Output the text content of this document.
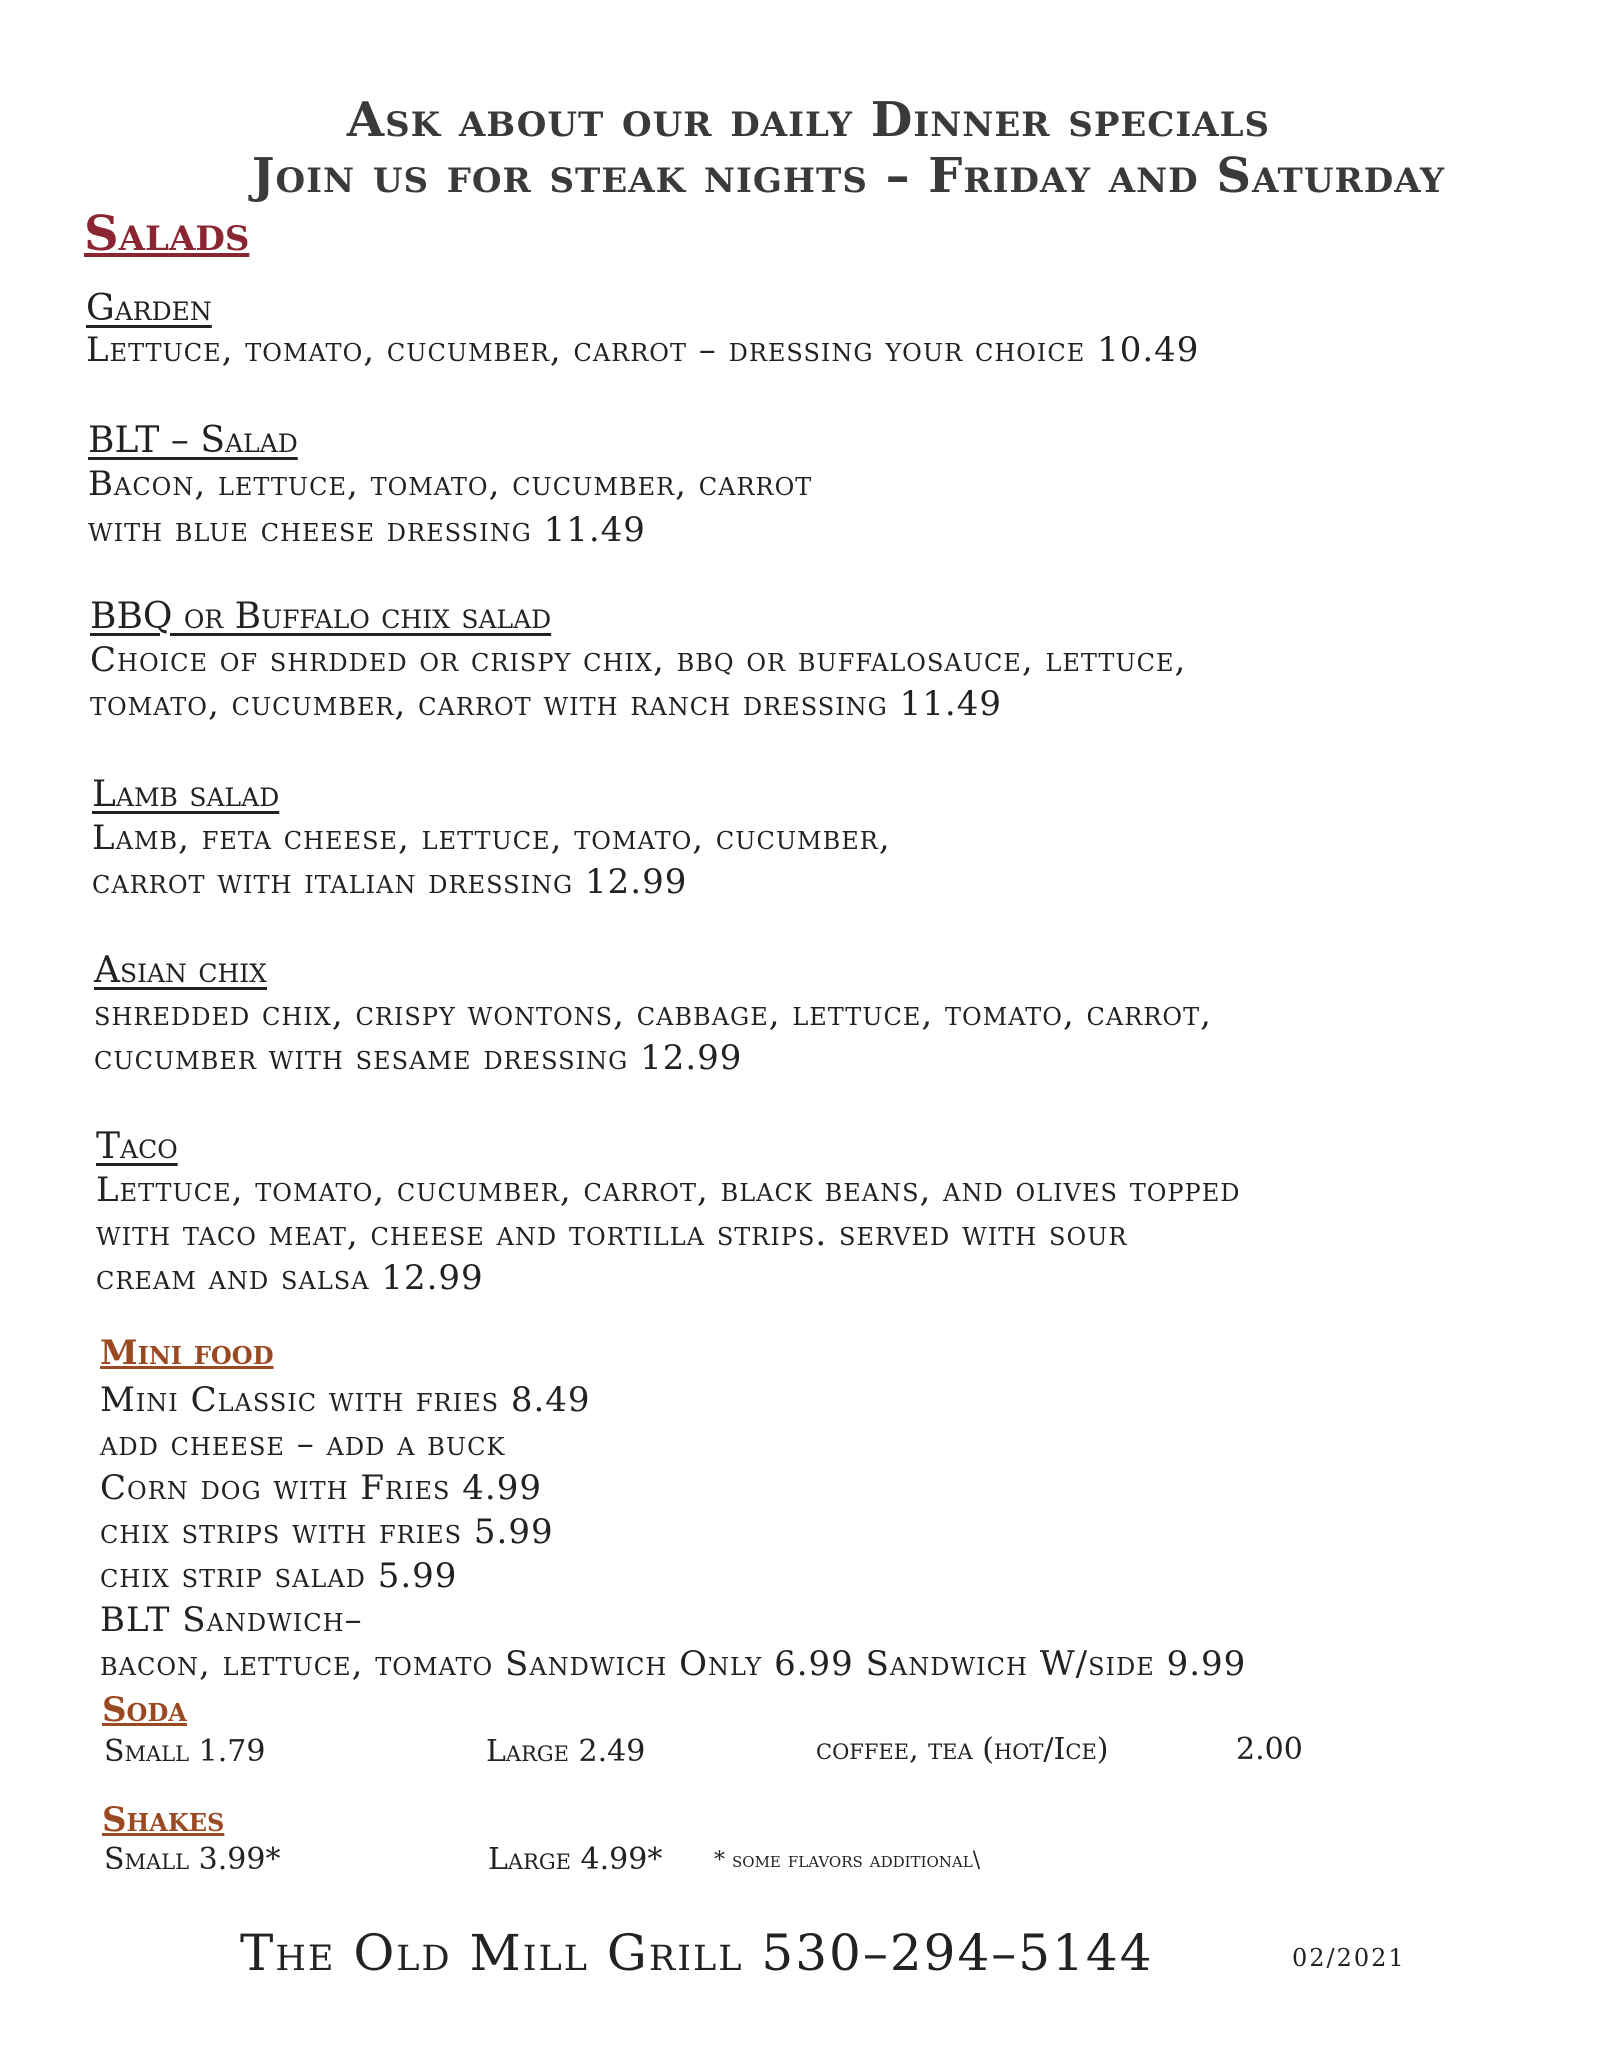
Ask about our daily Dinner specials
Join us for steak nights – Friday and Saturday
Salads
Garden
Lettuce, tomato, cucumber, carrot – dressing your choice 10.49
BLT – Salad
Bacon, lettuce, tomato, cucumber, carrot
with blue cheese dressing 11.49
BBQ or Buffalo chix salad
Choice of shrdded or crispy chix, bbq or buffalosauce, lettuce,
tomato, cucumber, carrot with ranch dressing 11.49
Lamb salad
Lamb, feta cheese, lettuce, tomato, cucumber,
carrot with italian dressing 12.99
Asian chix
shredded chix, crispy wontons, cabbage, lettuce, tomato, carrot,
cucumber with sesame dressing 12.99
Taco
Lettuce, tomato, cucumber, carrot, black beans, and olives topped
with taco meat, cheese and tortilla strips. served with sour
cream and salsa 12.99
Mini food
Mini Classic with fries 8.49
add cheese – add a buck
Corn dog with Fries 4.99
chix strips with fries 5.99
chix strip salad 5.99
BLT Sandwich–
bacon, lettuce, tomato Sandwich Only 6.99 Sandwich W/side 9.99
Soda
Small 1.79	Large 2.49	coffee, tea (hot/Ice)	2.00
Shakes
Small 3.99*	Large 4.99* * some flavors additional\
The Old Mill Grill 530–294–5144	02/2021
